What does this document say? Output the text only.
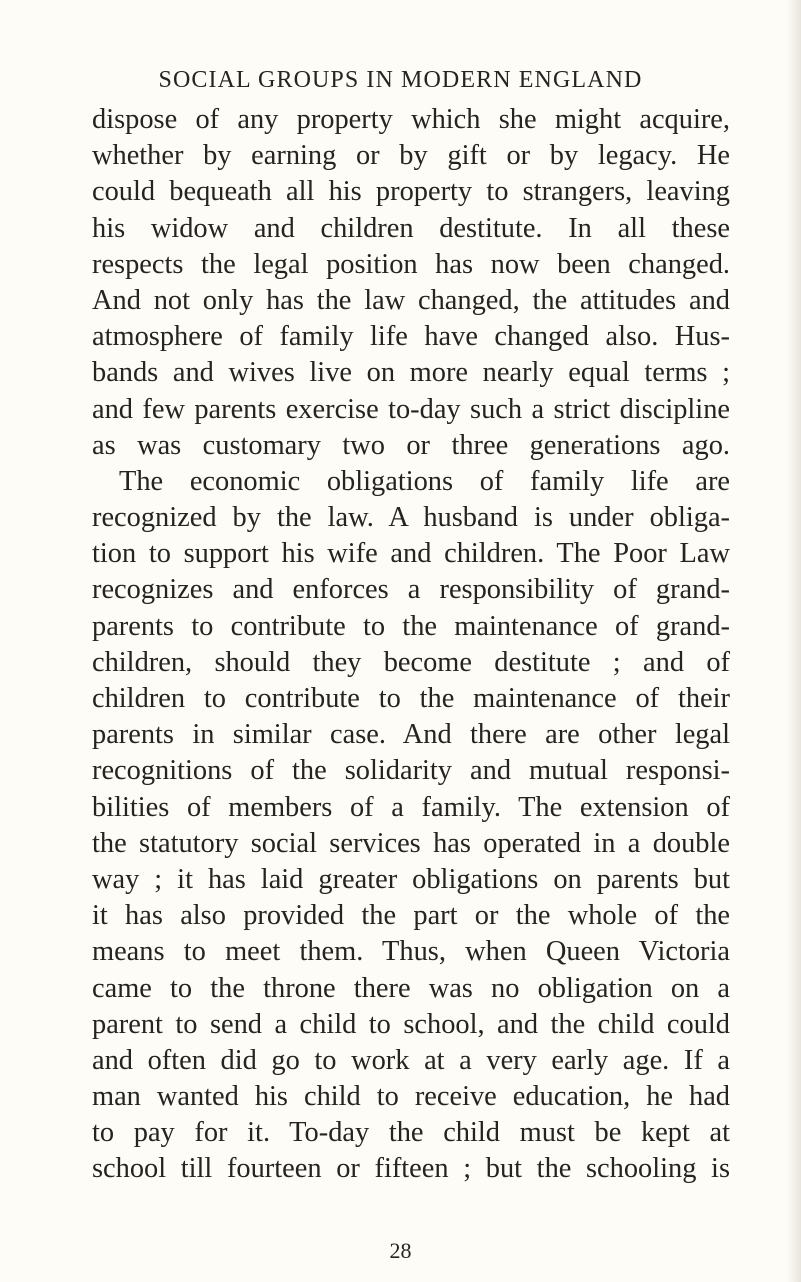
SOCIAL GROUPS IN MODERN ENGLAND
dispose of any property which she might acquire,
whether by earning or by gift or by legacy. He
could bequeath all his property to strangers, leaving
his widow and children destitute. In all these
respects the legal position has now been changed.
And not only has the law changed, the attitudes and
atmosphere of family life have changed also. Hus-
bands and wives live on more nearly equal terms ;
and few parents exercise to-day such a strict discipline
as was customary two or three generations ago.
The economic obligations of family life are
recognized by the law. A husband is under obliga-
tion to support his wife and children. The Poor Law
recognizes and enforces a responsibility of grand-
parents to contribute to the maintenance of grand-
children, should they become destitute ; and of
children to contribute to the maintenance of their
parents in similar case. And there are other legal
recognitions of the solidarity and mutual responsi-
bilities of members of a family. The extension of
the statutory social services has operated in a double
way ; it has laid greater obligations on parents but
it has also provided the part or the whole of the
means to meet them. Thus, when Queen Victoria
came to the throne there was no obligation on a
parent to send a child to school, and the child could
and often did go to work at a very early age. If a
man wanted his child to receive education, he had
to pay for it. To-day the child must be kept at
school till fourteen or fifteen ; but the schooling is
28
